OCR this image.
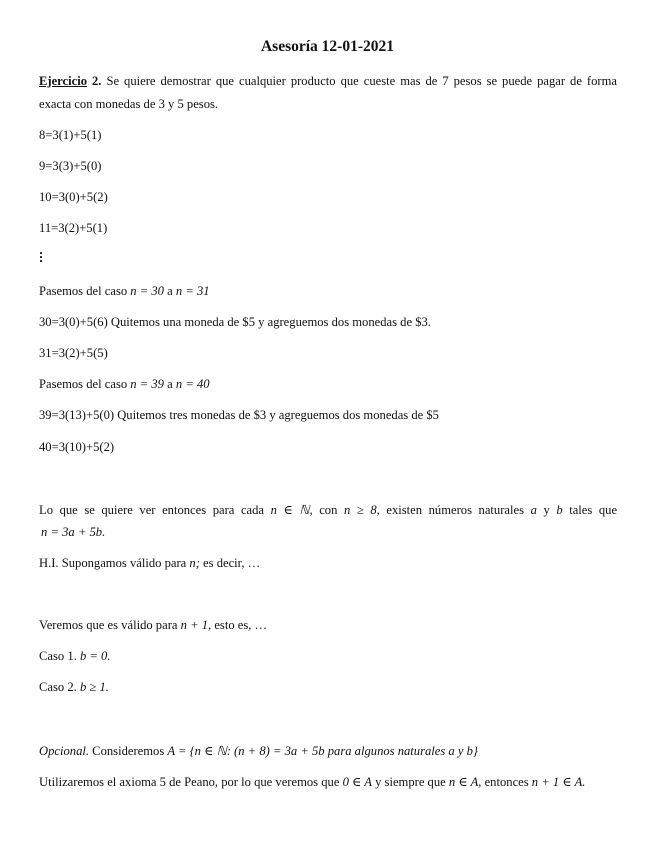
Asesoría 12-01-2021
Ejercicio 2. Se quiere demostrar que cualquier producto que cueste mas de 7 pesos se puede pagar de forma
exacta con monedas de 3 y 5 pesos.
8=3(1)+5(1)
9=3(3)+5(0)
10=3(0)+5(2)
11=3(2)+5(1)
Pasemos del caso n = 30 a n = 31
30=3(0)+5(6) Quitemos una moneda de $5 y agreguemos dos monedas de $3.
31=3(2)+5(5)
Pasemos del caso n = 39 a n = 40
39=3(13)+5(0) Quitemos tres monedas de $3 y agreguemos dos monedas de $5
40=3(10)+5(2)
Lo que se quiere ver entonces para cada n ∈ ℕ, con n ≥ 8, existen números naturales a y b tales que
n = 3a + 5b.
H.I. Supongamos válido para n; es decir, …
Veremos que es válido para n + 1, esto es, …
Caso 1. b = 0.
Caso 2. b ≥ 1.
Opcional. Consideremos A = {n ∈ ℕ: (n + 8) = 3a + 5b para algunos naturales a y b}
Utilizaremos el axioma 5 de Peano, por lo que veremos que 0 ∈ A y siempre que n ∈ A, entonces n + 1 ∈ A.
